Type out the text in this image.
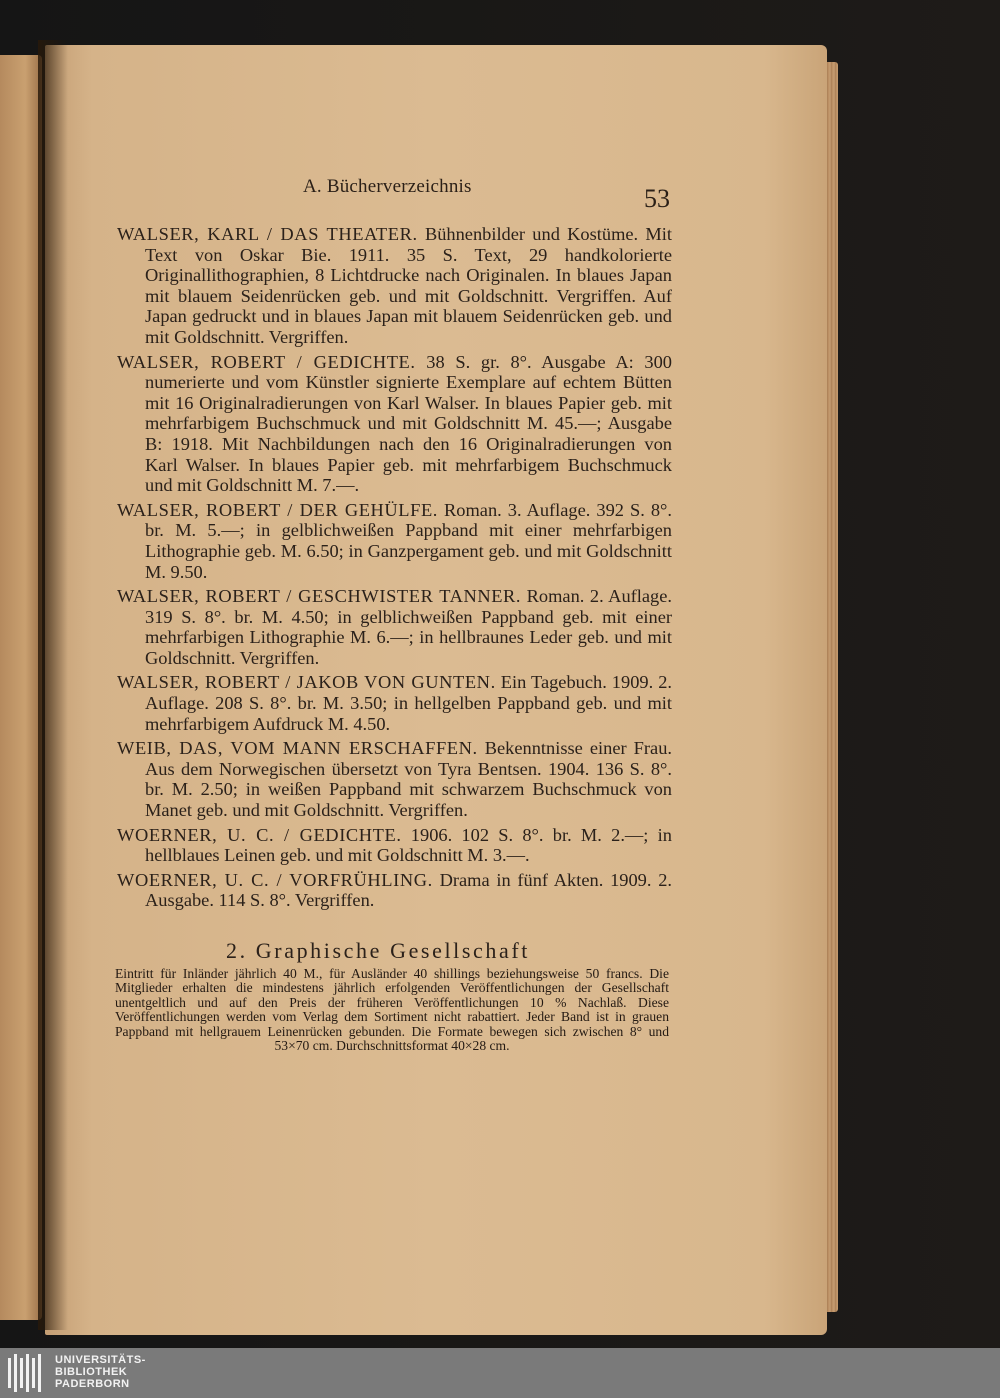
A. Bücherverzeichnis	53

WALSER, KARL / DAS THEATER. Bühnenbilder und Kostüme. Mit Text von Oskar Bie. 1911. 35 S. Text, 29 handkolorierte Originallithographien, 8 Lichtdrucke nach Originalen. In blaues Japan mit blauem Seidenrücken geb. und mit Goldschnitt. Vergriffen. Auf Japan gedruckt und in blaues Japan mit blauem Seidenrücken geb. und mit Goldschnitt. Vergriffen.

WALSER, ROBERT / GEDICHTE. 38 S. gr. 8°. Ausgabe A: 300 numerierte und vom Künstler signierte Exemplare auf echtem Bütten mit 16 Originalradierungen von Karl Walser. In blaues Papier geb. mit mehrfarbigem Buchschmuck und mit Goldschnitt M. 45.—; Ausgabe B: 1918. Mit Nachbildungen nach den 16 Originalradierungen von Karl Walser. In blaues Papier geb. mit mehrfarbigem Buchschmuck und mit Goldschnitt M. 7.—.

WALSER, ROBERT / DER GEHÜLFE. Roman. 3. Auflage. 392 S. 8°. br. M. 5.—; in gelblichweißen Pappband mit einer mehrfarbigen Lithographie geb. M. 6.50; in Ganzpergament geb. und mit Goldschnitt M. 9.50.

WALSER, ROBERT / GESCHWISTER TANNER. Roman. 2. Auflage. 319 S. 8°. br. M. 4.50; in gelblichweißen Pappband geb. mit einer mehrfarbigen Lithographie M. 6.—; in hellbraunes Leder geb. und mit Goldschnitt. Vergriffen.

WALSER, ROBERT / JAKOB VON GUNTEN. Ein Tagebuch. 1909. 2. Auflage. 208 S. 8°. br. M. 3.50; in hellgelben Pappband geb. und mit mehrfarbigem Aufdruck M. 4.50.

WEIB, DAS, VOM MANN ERSCHAFFEN. Bekenntnisse einer Frau. Aus dem Norwegischen übersetzt von Tyra Bentsen. 1904. 136 S. 8°. br. M. 2.50; in weißen Pappband mit schwarzem Buchschmuck von Manet geb. und mit Goldschnitt. Vergriffen.

WOERNER, U. C. / GEDICHTE. 1906. 102 S. 8°. br. M. 2.—; in hellblaues Leinen geb. und mit Goldschnitt M. 3.—.

WOERNER, U. C. / VORFRÜHLING. Drama in fünf Akten. 1909. 2. Ausgabe. 114 S. 8°. Vergriffen.

2. Graphische Gesellschaft
Eintritt für Inländer jährlich 40 M., für Ausländer 40 shillings beziehungsweise 50 francs. Die Mitglieder erhalten die mindestens jährlich erfolgenden Veröffentlichungen der Gesellschaft unentgeltlich und auf den Preis der früheren Veröffentlichungen 10 % Nachlaß. Diese Veröffentlichungen werden vom Verlag dem Sortiment nicht rabattiert. Jeder Band ist in grauen Pappband mit hellgrauem Leinenrücken gebunden. Die Formate bewegen sich zwischen 8° und 53×70 cm. Durchschnittsformat 40×28 cm.
UNIVERSITÄTS-
BIBLIOTHEK
PADERBORN
